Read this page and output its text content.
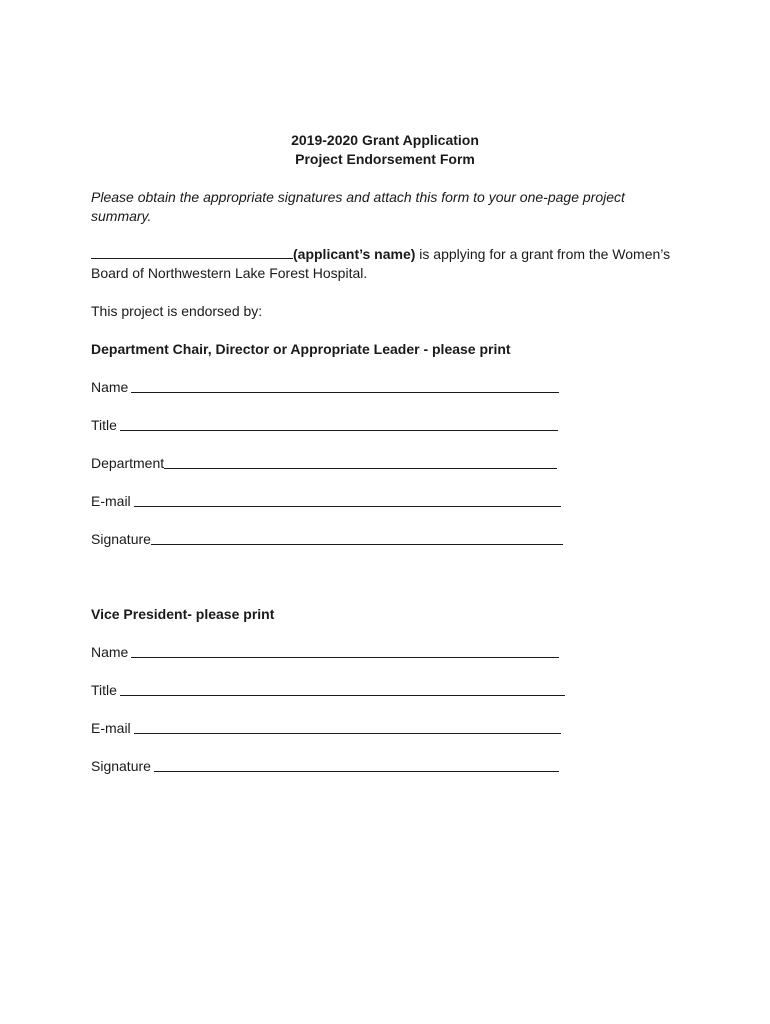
2019-2020 Grant Application
Project Endorsement Form
Please obtain the appropriate signatures and attach this form to your one-page project summary.
(applicant’s name) is applying for a grant from the Women’s Board of Northwestern Lake Forest Hospital.
This project is endorsed by:
Department Chair, Director or Appropriate Leader - please print
Name
Title
Department
E-mail
Signature
Vice President- please print
Name
Title
E-mail
Signature
